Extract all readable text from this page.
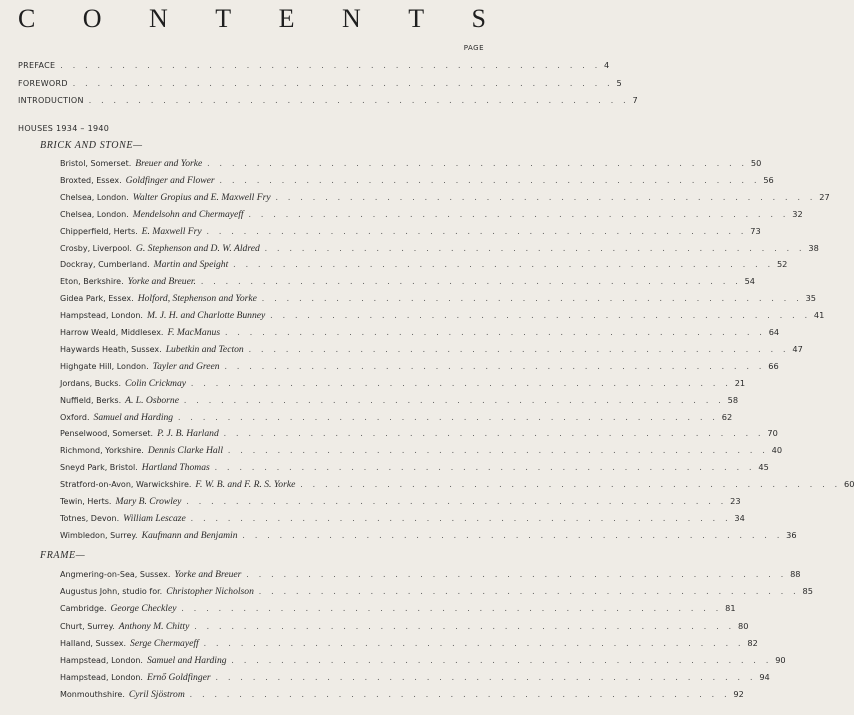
C O N T E N T S
PAGE
PREFACE . . . . . . . . . . . . . . . . . . . . . . . . . . . . . . . . . . . . . . . . . . . . 4
FOREWORD . . . . . . . . . . . . . . . . . . . . . . . . . . . . . . . . . . . . . . . . . . . . 5
INTRODUCTION . . . . . . . . . . . . . . . . . . . . . . . . . . . . . . . . . . . . . . . . . . . . 7
HOUSES 1934 – 1940
BRICK AND STONE—
Bristol, Somerset. Breuer and Yorke . . . . . . . . . . . . . . . . . . . . . . . . . . . . . . . . . . . . . . . . . . . . 50
Broxted, Essex. Goldfinger and Flower . . . . . . . . . . . . . . . . . . . . . . . . . . . . . . . . . . . . . . . . . . . . 56
Chelsea, London. Walter Gropius and E. Maxwell Fry . . . . . . . . . . . . . . . . . . . . . . . . . . . . . . . . . . . . . . . . . . . . 27
Chelsea, London. Mendelsohn and Chermayeff . . . . . . . . . . . . . . . . . . . . . . . . . . . . . . . . . . . . . . . . . . . . 32
Chipperfield, Herts. E. Maxwell Fry . . . . . . . . . . . . . . . . . . . . . . . . . . . . . . . . . . . . . . . . . . . . 73
Crosby, Liverpool. G. Stephenson and D. W. Aldred . . . . . . . . . . . . . . . . . . . . . . . . . . . . . . . . . . . . . . . . . . . . 38
Dockray, Cumberland. Martin and Speight . . . . . . . . . . . . . . . . . . . . . . . . . . . . . . . . . . . . . . . . . . . . 52
Eton, Berkshire. Yorke and Breuer. . . . . . . . . . . . . . . . . . . . . . . . . . . . . . . . . . . . . . . . . . . . . 54
Gidea Park, Essex. Holford, Stephenson and Yorke . . . . . . . . . . . . . . . . . . . . . . . . . . . . . . . . . . . . . . . . . . . . 35
Hampstead, London. M. J. H. and Charlotte Bunney . . . . . . . . . . . . . . . . . . . . . . . . . . . . . . . . . . . . . . . . . . . . 41
Harrow Weald, Middlesex. F. MacManus . . . . . . . . . . . . . . . . . . . . . . . . . . . . . . . . . . . . . . . . . . . . 64
Haywards Heath, Sussex. Lubetkin and Tecton . . . . . . . . . . . . . . . . . . . . . . . . . . . . . . . . . . . . . . . . . . . . 47
Highgate Hill, London. Tayler and Green . . . . . . . . . . . . . . . . . . . . . . . . . . . . . . . . . . . . . . . . . . . . 66
Jordans, Bucks. Colin Crickmay . . . . . . . . . . . . . . . . . . . . . . . . . . . . . . . . . . . . . . . . . . . . 21
Nuffield, Berks. A. L. Osborne . . . . . . . . . . . . . . . . . . . . . . . . . . . . . . . . . . . . . . . . . . . . 58
Oxford. Samuel and Harding . . . . . . . . . . . . . . . . . . . . . . . . . . . . . . . . . . . . . . . . . . . . 62
Penselwood, Somerset. P. J. B. Harland . . . . . . . . . . . . . . . . . . . . . . . . . . . . . . . . . . . . . . . . . . . . 70
Richmond, Yorkshire. Dennis Clarke Hall . . . . . . . . . . . . . . . . . . . . . . . . . . . . . . . . . . . . . . . . . . . . 40
Sneyd Park, Bristol. Hartland Thomas . . . . . . . . . . . . . . . . . . . . . . . . . . . . . . . . . . . . . . . . . . . . 45
Stratford-on-Avon, Warwickshire. F. W. B. and F. R. S. Yorke . . . . . . . . . . . . . . . . . . . . . . . . . . . . . . . . . . . . . . . . . . . . 60
Tewin, Herts. Mary B. Crowley . . . . . . . . . . . . . . . . . . . . . . . . . . . . . . . . . . . . . . . . . . . . 23
Totnes, Devon. William Lescaze . . . . . . . . . . . . . . . . . . . . . . . . . . . . . . . . . . . . . . . . . . . . 34
Wimbledon, Surrey. Kaufmann and Benjamin . . . . . . . . . . . . . . . . . . . . . . . . . . . . . . . . . . . . . . . . . . . . 36
FRAME—
Angmering-on-Sea, Sussex. Yorke and Breuer . . . . . . . . . . . . . . . . . . . . . . . . . . . . . . . . . . . . . . . . . . . . 88
Augustus John, studio for. Christopher Nicholson . . . . . . . . . . . . . . . . . . . . . . . . . . . . . . . . . . . . . . . . . . . . 85
Cambridge. George Checkley . . . . . . . . . . . . . . . . . . . . . . . . . . . . . . . . . . . . . . . . . . . . 81
Churt, Surrey. Anthony M. Chitty . . . . . . . . . . . . . . . . . . . . . . . . . . . . . . . . . . . . . . . . . . . . 80
Halland, Sussex. Serge Chermayeff . . . . . . . . . . . . . . . . . . . . . . . . . . . . . . . . . . . . . . . . . . . . 82
Hampstead, London. Samuel and Harding . . . . . . . . . . . . . . . . . . . . . . . . . . . . . . . . . . . . . . . . . . . . 90
Hampstead, London. Ernő Goldfinger . . . . . . . . . . . . . . . . . . . . . . . . . . . . . . . . . . . . . . . . . . . . 94
Monmouthshire. Cyril Sjöstrom . . . . . . . . . . . . . . . . . . . . . . . . . . . . . . . . . . . . . . . . . . . . 92
